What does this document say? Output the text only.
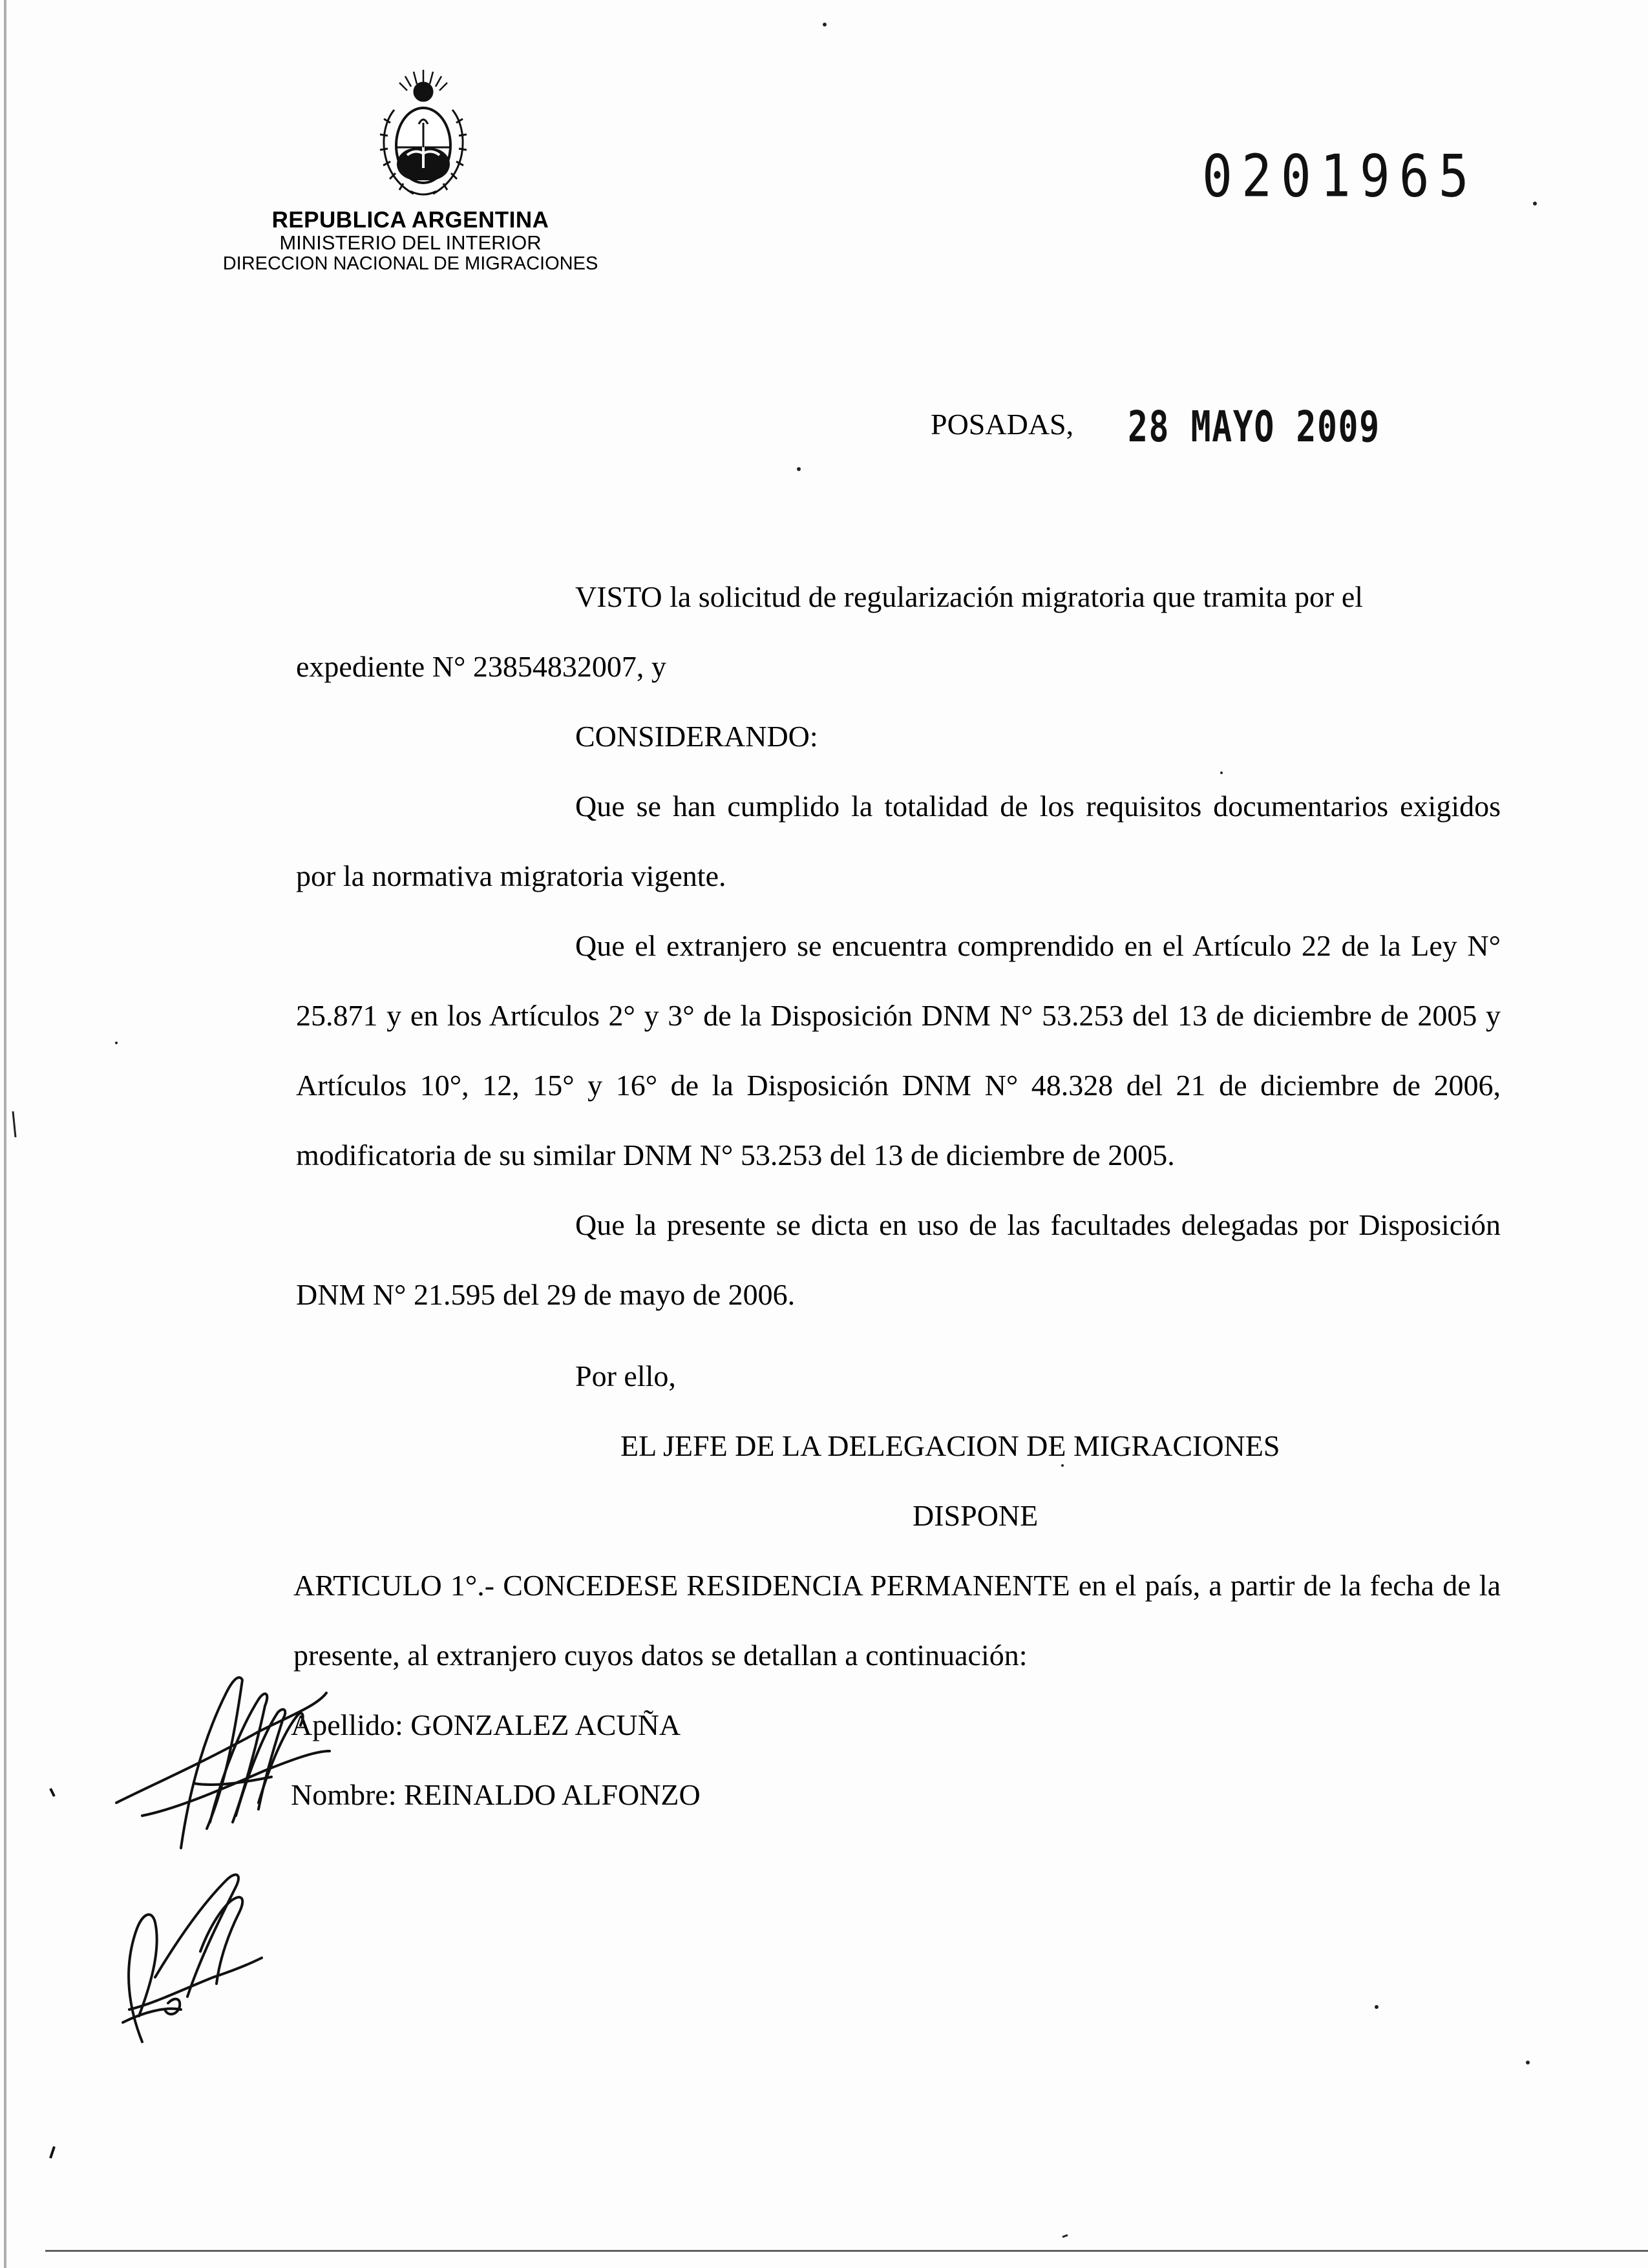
REPUBLICA ARGENTINA
MINISTERIO DEL INTERIOR
DIRECCION NACIONAL DE MIGRACIONES
0201965
POSADAS, 28 MAYO 2009

VISTO la solicitud de regularización migratoria que tramita por el

expediente N° 23854832007, y

CONSIDERANDO:

Que se han cumplido la totalidad de los requisitos documentarios exigidos por la normativa migratoria vigente.

Que el extranjero se encuentra comprendido en el Artículo 22 de la Ley N° 25.871 y en los Artículos 2° y 3° de la Disposición DNM N° 53.253 del 13 de diciembre de 2005 y Artículos 10°, 12, 15° y 16° de la Disposición DNM N° 48.328 del 21 de diciembre de 2006, modificatoria de su similar DNM N° 53.253 del 13 de diciembre de 2005.

Que la presente se dicta en uso de las facultades delegadas por Disposición DNM N° 21.595 del 29 de mayo de 2006.

Por ello,

EL JEFE DE LA DELEGACION DE MIGRACIONES

DISPONE

ARTICULO 1°.- CONCEDESE RESIDENCIA PERMANENTE en el país, a partir de la fecha de la presente, al extranjero cuyos datos se detallan a continuación:

Apellido: GONZALEZ ACUÑA

Nombre: REINALDO ALFONZO
